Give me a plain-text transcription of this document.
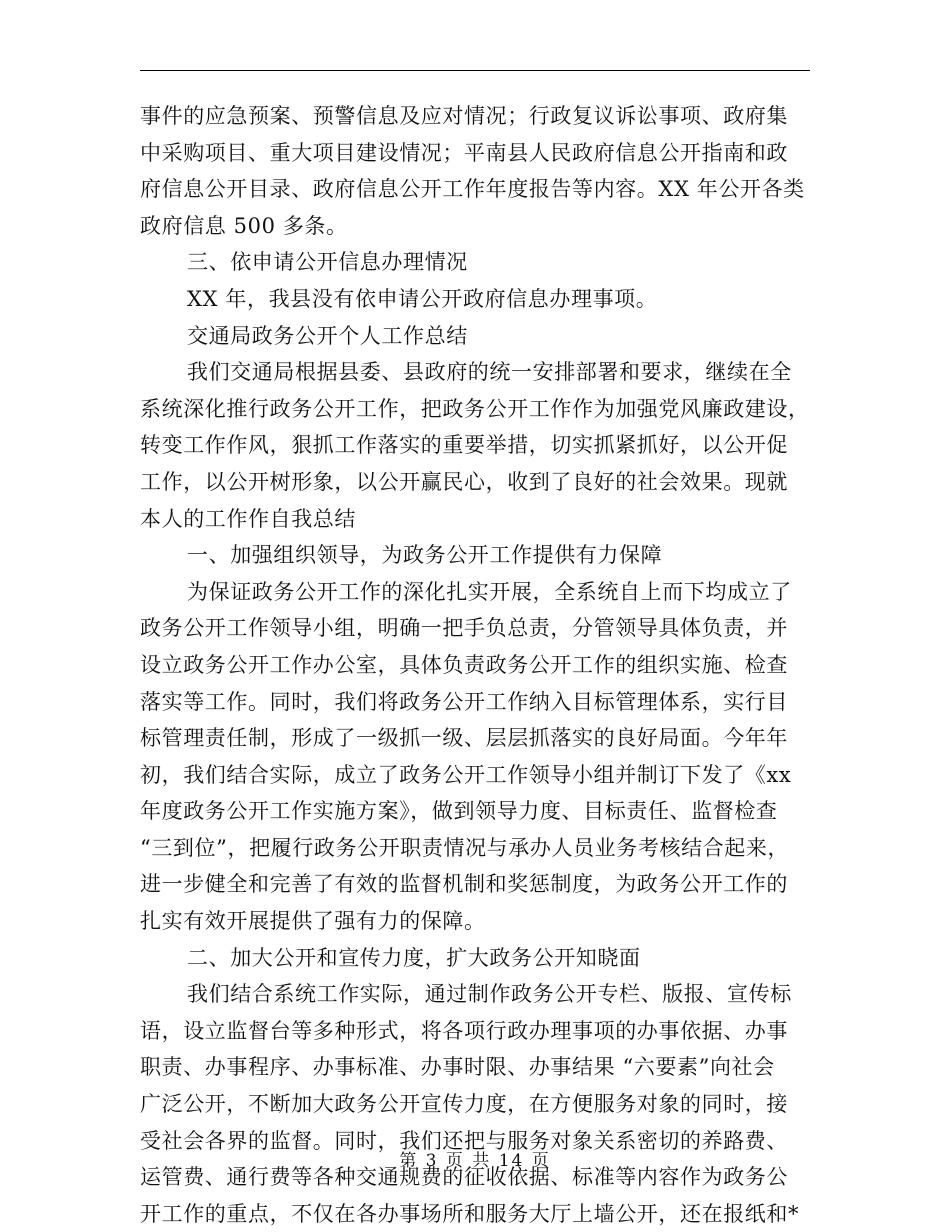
事件的应急预案、预警信息及应对情况；行政复议诉讼事项、政府集
中采购项目、重大项目建设情况；平南县人民政府信息公开指南和政
府信息公开目录、政府信息公开工作年度报告等内容。XX 年公开各类
政府信息 500 多条。
三、依申请公开信息办理情况
XX 年，我县没有依申请公开政府信息办理事项。
交通局政务公开个人工作总结
我们交通局根据县委、县政府的统一安排部署和要求，继续在全
系统深化推行政务公开工作，把政务公开工作作为加强党风廉政建设，
转变工作作风，狠抓工作落实的重要举措，切实抓紧抓好，以公开促
工作，以公开树形象，以公开赢民心，收到了良好的社会效果。现就
本人的工作作自我总结
一、加强组织领导，为政务公开工作提供有力保障
为保证政务公开工作的深化扎实开展，全系统自上而下均成立了
政务公开工作领导小组，明确一把手负总责，分管领导具体负责，并
设立政务公开工作办公室，具体负责政务公开工作的组织实施、检查
落实等工作。同时，我们将政务公开工作纳入目标管理体系，实行目
标管理责任制，形成了一级抓一级、层层抓落实的良好局面。今年年
初，我们结合实际，成立了政务公开工作领导小组并制订下发了《xx
年度政务公开工作实施方案》，做到领导力度、目标责任、监督检查
“三到位”，把履行政务公开职责情况与承办人员业务考核结合起来，
进一步健全和完善了有效的监督机制和奖惩制度，为政务公开工作的
扎实有效开展提供了强有力的保障。
二、加大公开和宣传力度，扩大政务公开知晓面
我们结合系统工作实际，通过制作政务公开专栏、版报、宣传标
语，设立监督台等多种形式，将各项行政办理事项的办事依据、办事
职责、办事程序、办事标准、办事时限、办事结果 “六要素”向社会
广泛公开，不断加大政务公开宣传力度，在方便服务对象的同时，接
受社会各界的监督。同时，我们还把与服务对象关系密切的养路费、
运管费、通行费等各种交通规费的征收依据、标准等内容作为政务公
开工作的重点，不仅在各办事场所和服务大厅上墙公开，还在报纸和*
第 3 页 共 14 页
